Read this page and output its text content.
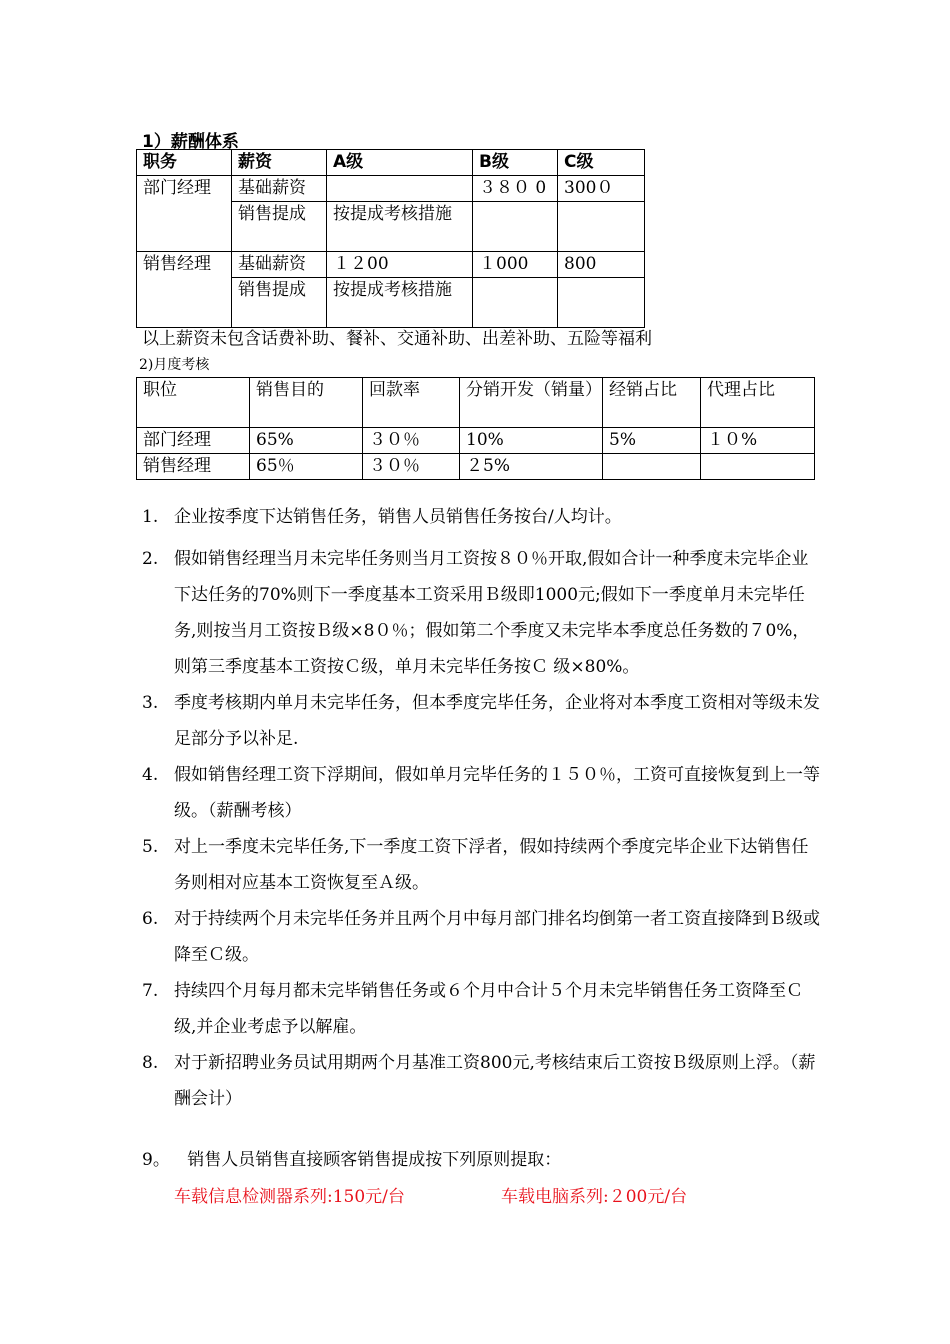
1）薪酬体系
职务	薪资	A级	B级	C级
部门经理	基础薪资		３８０ 0	300０
	销售提成	按提成考核措施		
销售经理	基础薪资	１２00	１000	800
	销售提成	按提成考核措施		
以上薪资未包含话费补助、餐补、交通补助、出差补助、五险等福利
2)月度考核
职位	销售目的	回款率	分销开发（销量）	经销占比	代理占比
部门经理	65%	３０％	10%	5%	１０%
销售经理	65％	３０％	２5%		
1. 企业按季度下达销售任务，销售人员销售任务按台/人均计。
2. 假如销售经理当月未完毕任务则当月工资按８０％开取,假如合计一种季度未完毕企业下达任务的70%则下一季度基本工资采用Ｂ级即1000元;假如下一季度单月未完毕任务,则按当月工资按Ｂ级×8０％；假如第二个季度又未完毕本季度总任务数的７0%，则第三季度基本工资按Ｃ级，单月未完毕任务按Ｃ 级×80%。
3. 季度考核期内单月未完毕任务，但本季度完毕任务，企业将对本季度工资相对等级未发足部分予以补足.
4. 假如销售经理工资下浮期间，假如单月完毕任务的１５０％，工资可直接恢复到上一等级。（薪酬考核）
5. 对上一季度未完毕任务,下一季度工资下浮者，假如持续两个季度完毕企业下达销售任务则相对应基本工资恢复至Ａ级。
6. 对于持续两个月未完毕任务并且两个月中每月部门排名均倒第一者工资直接降到Ｂ级或降至Ｃ级。
7. 持续四个月每月都未完毕销售任务或６个月中合计５个月未完毕销售任务工资降至Ｃ级,并企业考虑予以解雇。
8. 对于新招聘业务员试用期两个月基准工资800元,考核结束后工资按Ｂ级原则上浮。（薪酬会计）
9。 销售人员销售直接顾客销售提成按下列原则提取：
车载信息检测器系列:150元/台	车载电脑系列:２00元/台
